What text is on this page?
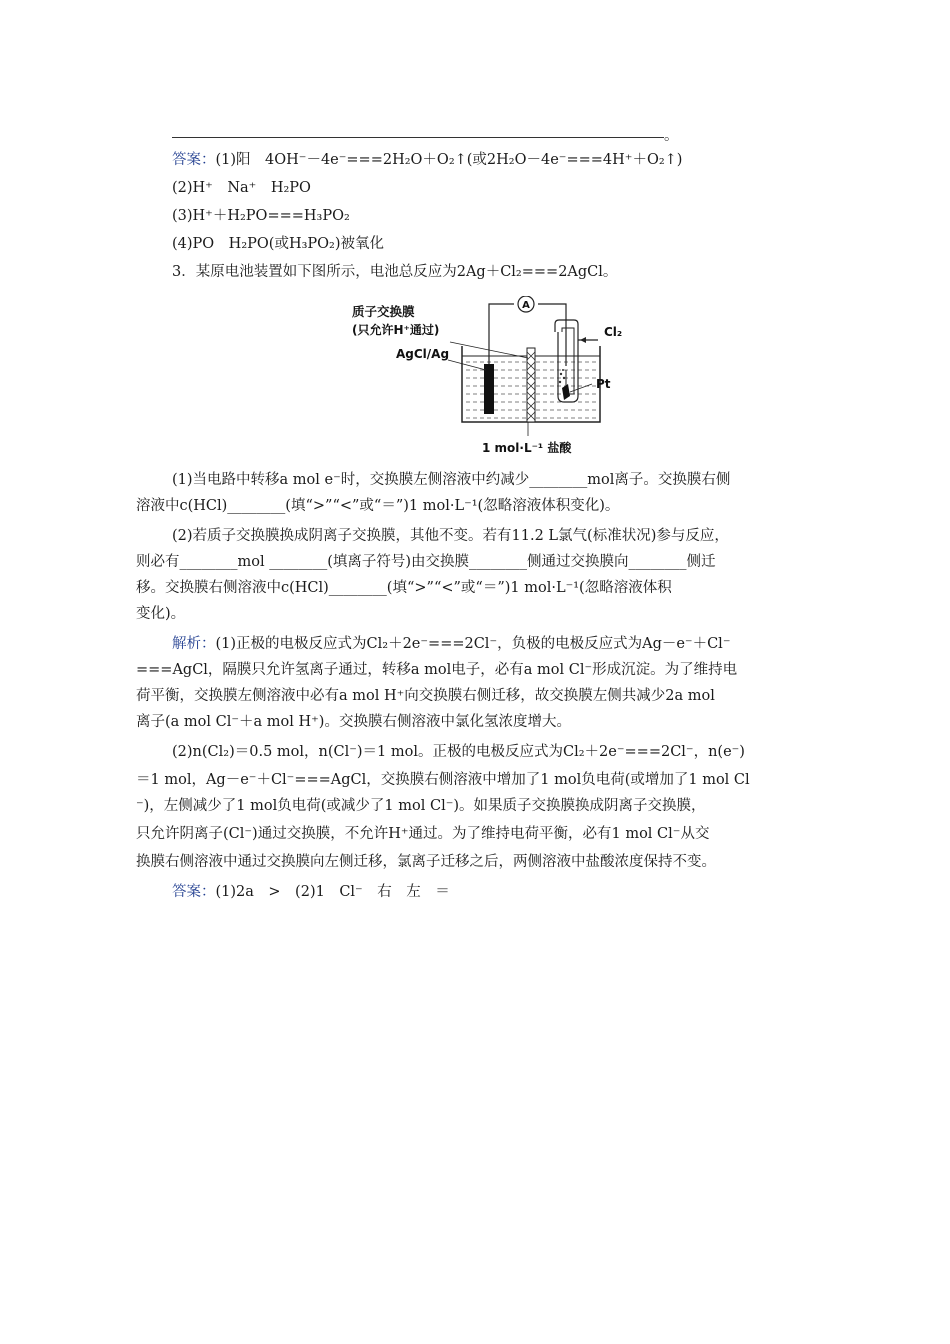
。
答案：(1)阳　4OH⁻－4e⁻===2H₂O＋O₂↑(或2H₂O－4e⁻===4H⁺＋O₂↑)
(2)H⁺　Na⁺　H₂PO
(3)H⁺＋H₂PO===H₃PO₂
(4)PO　H₂PO(或H₃PO₂)被氧化
3．某原电池装置如下图所示，电池总反应为2Ag＋Cl₂===2AgCl。
A
质子交换膜
(只允许H⁺通过)
AgCl/Ag
Cl₂
Pt
1 mol·L⁻¹ 盐酸
(1)当电路中转移a mol e⁻时，交换膜左侧溶液中约减少________mol离子。交换膜右侧
溶液中c(HCl)________(填“>”“<”或“＝”)1 mol·L⁻¹(忽略溶液体积变化)。
(2)若质子交换膜换成阴离子交换膜，其他不变。若有11.2 L氯气(标准状况)参与反应，
则必有________mol ________(填离子符号)由交换膜________侧通过交换膜向________侧迁
移。交换膜右侧溶液中c(HCl)________(填“>”“<”或“＝”)1 mol·L⁻¹(忽略溶液体积
变化)。
解析：(1)正极的电极反应式为Cl₂＋2e⁻===2Cl⁻，负极的电极反应式为Ag－e⁻＋Cl⁻
===AgCl，隔膜只允许氢离子通过，转移a mol电子，必有a mol Cl⁻形成沉淀。为了维持电
荷平衡，交换膜左侧溶液中必有a mol H⁺向交换膜右侧迁移，故交换膜左侧共减少2a mol
离子(a mol Cl⁻＋a mol H⁺)。交换膜右侧溶液中氯化氢浓度增大。
(2)n(Cl₂)＝0.5 mol，n(Cl⁻)＝1 mol。正极的电极反应式为Cl₂＋2e⁻===2Cl⁻，n(e⁻)
＝1 mol，Ag－e⁻＋Cl⁻===AgCl，交换膜右侧溶液中增加了1 mol负电荷(或增加了1 mol Cl
⁻)，左侧减少了1 mol负电荷(或减少了1 mol Cl⁻)。如果质子交换膜换成阴离子交换膜，
只允许阴离子(Cl⁻)通过交换膜，不允许H⁺通过。为了维持电荷平衡，必有1 mol Cl⁻从交
换膜右侧溶液中通过交换膜向左侧迁移，氯离子迁移之后，两侧溶液中盐酸浓度保持不变。
答案：(1)2a　>　(2)1　Cl⁻　右　左　＝
